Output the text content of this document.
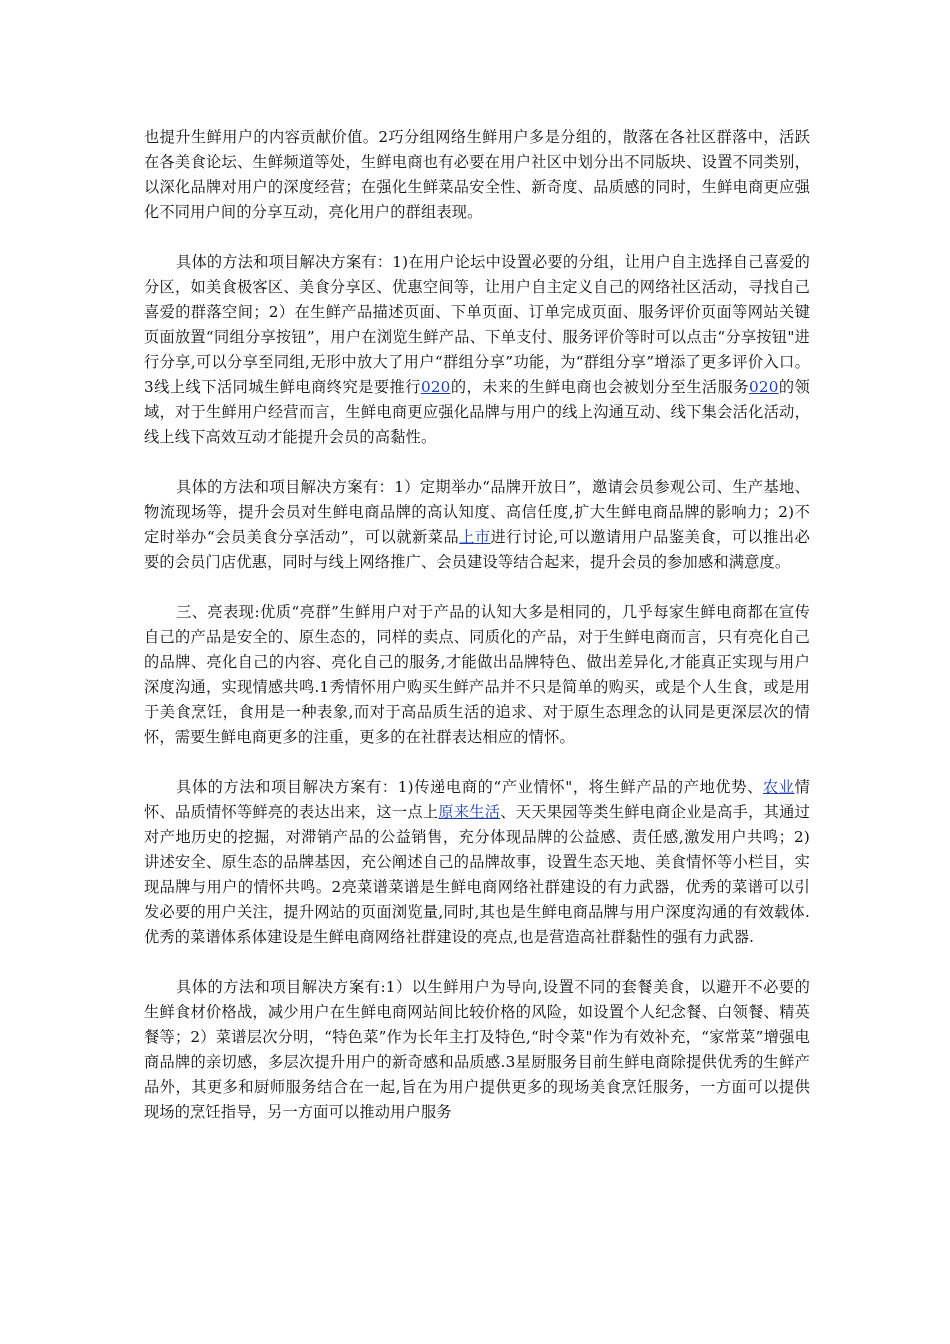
也提升生鲜用户的内容贡献价值。2巧分组网络生鲜用户多是分组的，散落在各社区群落中，活跃在各美食论坛、生鲜频道等处，生鲜电商也有必要在用户社区中划分出不同版块、设置不同类别，以深化品牌对用户的深度经营；在强化生鲜菜品安全性、新奇度、品质感的同时，生鲜电商更应强化不同用户间的分享互动，亮化用户的群组表现。

具体的方法和项目解决方案有：1)在用户论坛中设置必要的分组，让用户自主选择自己喜爱的分区，如美食极客区、美食分享区、优惠空间等，让用户自主定义自己的网络社区活动，寻找自己喜爱的群落空间；2）在生鲜产品描述页面、下单页面、订单完成页面、服务评价页面等网站关键页面放置“同组分享按钮”，用户在浏览生鲜产品、下单支付、服务评价等时可以点击“分享按钮"进行分享,可以分享至同组,无形中放大了用户“群组分享”功能，为“群组分享”增添了更多评价入口。3线上线下活同城生鲜电商终究是要推行020的，未来的生鲜电商也会被划分至生活服务020的领域，对于生鲜用户经营而言，生鲜电商更应强化品牌与用户的线上沟通互动、线下集会活化活动，线上线下高效互动才能提升会员的高黏性。

具体的方法和项目解决方案有：1）定期举办“品牌开放日”，邀请会员参观公司、生产基地、物流现场等，提升会员对生鲜电商品牌的高认知度、高信任度,扩大生鲜电商品牌的影响力；2)不定时举办“会员美食分享活动”，可以就新菜品上市进行讨论,可以邀请用户品鉴美食，可以推出必要的会员门店优惠，同时与线上网络推广、会员建设等结合起来，提升会员的参加感和满意度。

三、亮表现:优质“亮群”生鲜用户对于产品的认知大多是相同的，几乎每家生鲜电商都在宣传自己的产品是安全的、原生态的，同样的卖点、同质化的产品，对于生鲜电商而言，只有亮化自己的品牌、亮化自己的内容、亮化自己的服务,才能做出品牌特色、做出差异化,才能真正实现与用户深度沟通，实现情感共鸣.1秀情怀用户购买生鲜产品并不只是简单的购买，或是个人生食，或是用于美食烹饪，食用是一种表象,而对于高品质生活的追求、对于原生态理念的认同是更深层次的情怀，需要生鲜电商更多的注重，更多的在社群表达相应的情怀。

具体的方法和项目解决方案有：1)传递电商的“产业情怀"，将生鲜产品的产地优势、农业情怀、品质情怀等鲜亮的表达出来，这一点上原来生活、天天果园等类生鲜电商企业是高手，其通过对产地历史的挖掘，对滞销产品的公益销售，充分体现品牌的公益感、责任感,激发用户共鸣；2)讲述安全、原生态的品牌基因，充公阐述自己的品牌故事，设置生态天地、美食情怀等小栏目，实现品牌与用户的情怀共鸣。2亮菜谱菜谱是生鲜电商网络社群建设的有力武器，优秀的菜谱可以引发必要的用户关注，提升网站的页面浏览量,同时,其也是生鲜电商品牌与用户深度沟通的有效载体.优秀的菜谱体系体建设是生鲜电商网络社群建设的亮点,也是营造高社群黏性的强有力武器.

具体的方法和项目解决方案有:1）以生鲜用户为导向,设置不同的套餐美食，以避开不必要的生鲜食材价格战，减少用户在生鲜电商网站间比较价格的风险，如设置个人纪念餐、白领餐、精英餐等；2）菜谱层次分明，“特色菜”作为长年主打及特色,“时令菜"作为有效补充，“家常菜”增强电商品牌的亲切感，多层次提升用户的新奇感和品质感.3星厨服务目前生鲜电商除提供优秀的生鲜产品外，其更多和厨师服务结合在一起,旨在为用户提供更多的现场美食烹饪服务，一方面可以提供现场的烹饪指导，另一方面可以推动用户服务
